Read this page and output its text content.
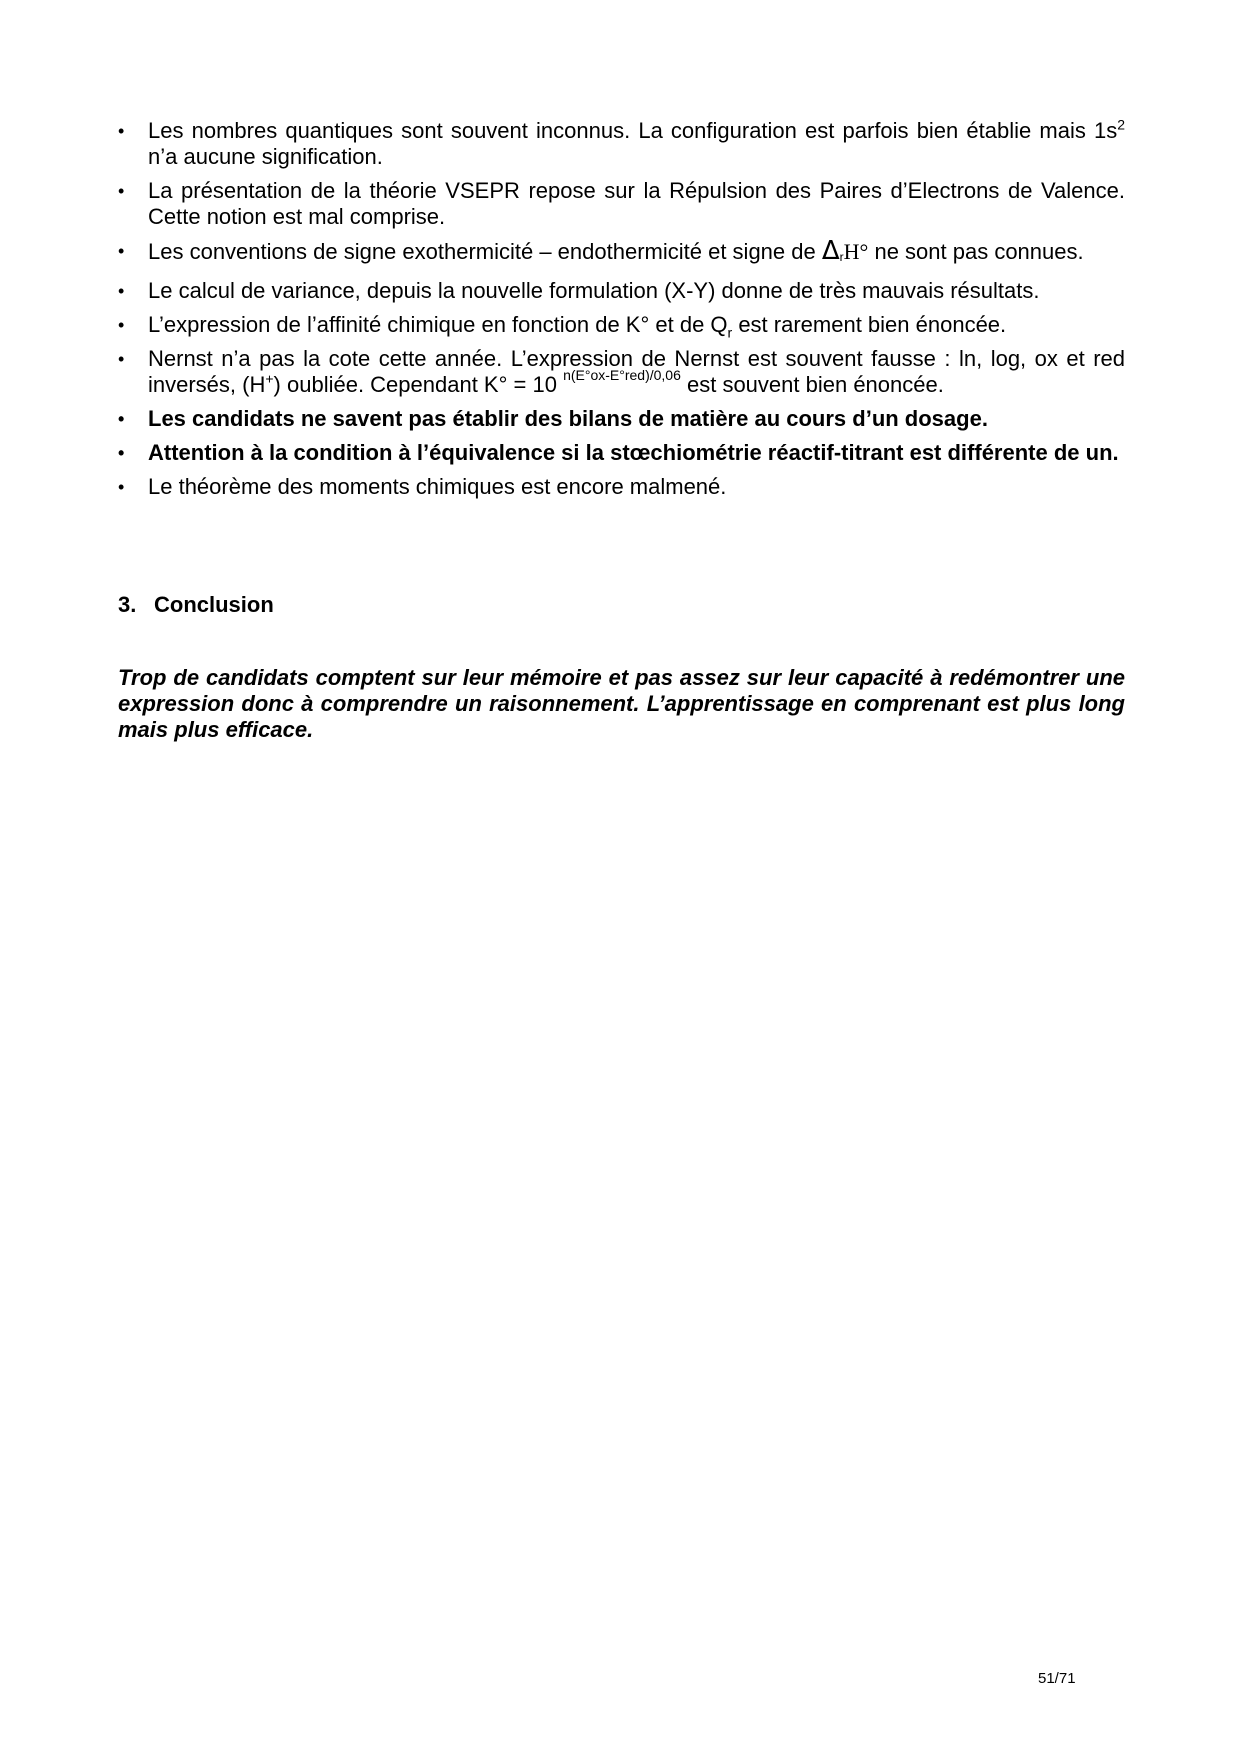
•	Les nombres quantiques sont souvent inconnus. La configuration est parfois bien établie mais $1s^2$ n’a aucune signification.
•	La présentation de la théorie VSEPR repose sur la Répulsion des Paires d’Electrons de Valence. Cette notion est mal comprise.
•	Les conventions de signe exothermicité – endothermicité et signe de ΔrH° ne sont pas connues.
•	Le calcul de variance, depuis la nouvelle formulation (X-Y) donne de très mauvais résultats.
•	L’expression de l’affinité chimique en fonction de K° et de $Q_r$ est rarement bien énoncée.
•	Nernst n’a pas la cote cette année. L’expression de Nernst est souvent fausse : ln, log, ox et red inversés, (H+) oubliée. Cependant K° = 10 $^{n(E^\circ ox-E^\circ red)/0,06}$ est souvent bien énoncée.
•	Les candidats ne savent pas établir des bilans de matière au cours d’un dosage.
•	Attention à la condition à l’équivalence si la stœchiométrie réactif-titrant est différente de un.
•	Le théorème des moments chimiques est encore malmené.
3. Conclusion

Trop de candidats comptent sur leur mémoire et pas assez sur leur capacité à redémontrer une expression donc à comprendre un raisonnement. L’apprentissage en comprenant est plus long mais plus efficace.

51/71
